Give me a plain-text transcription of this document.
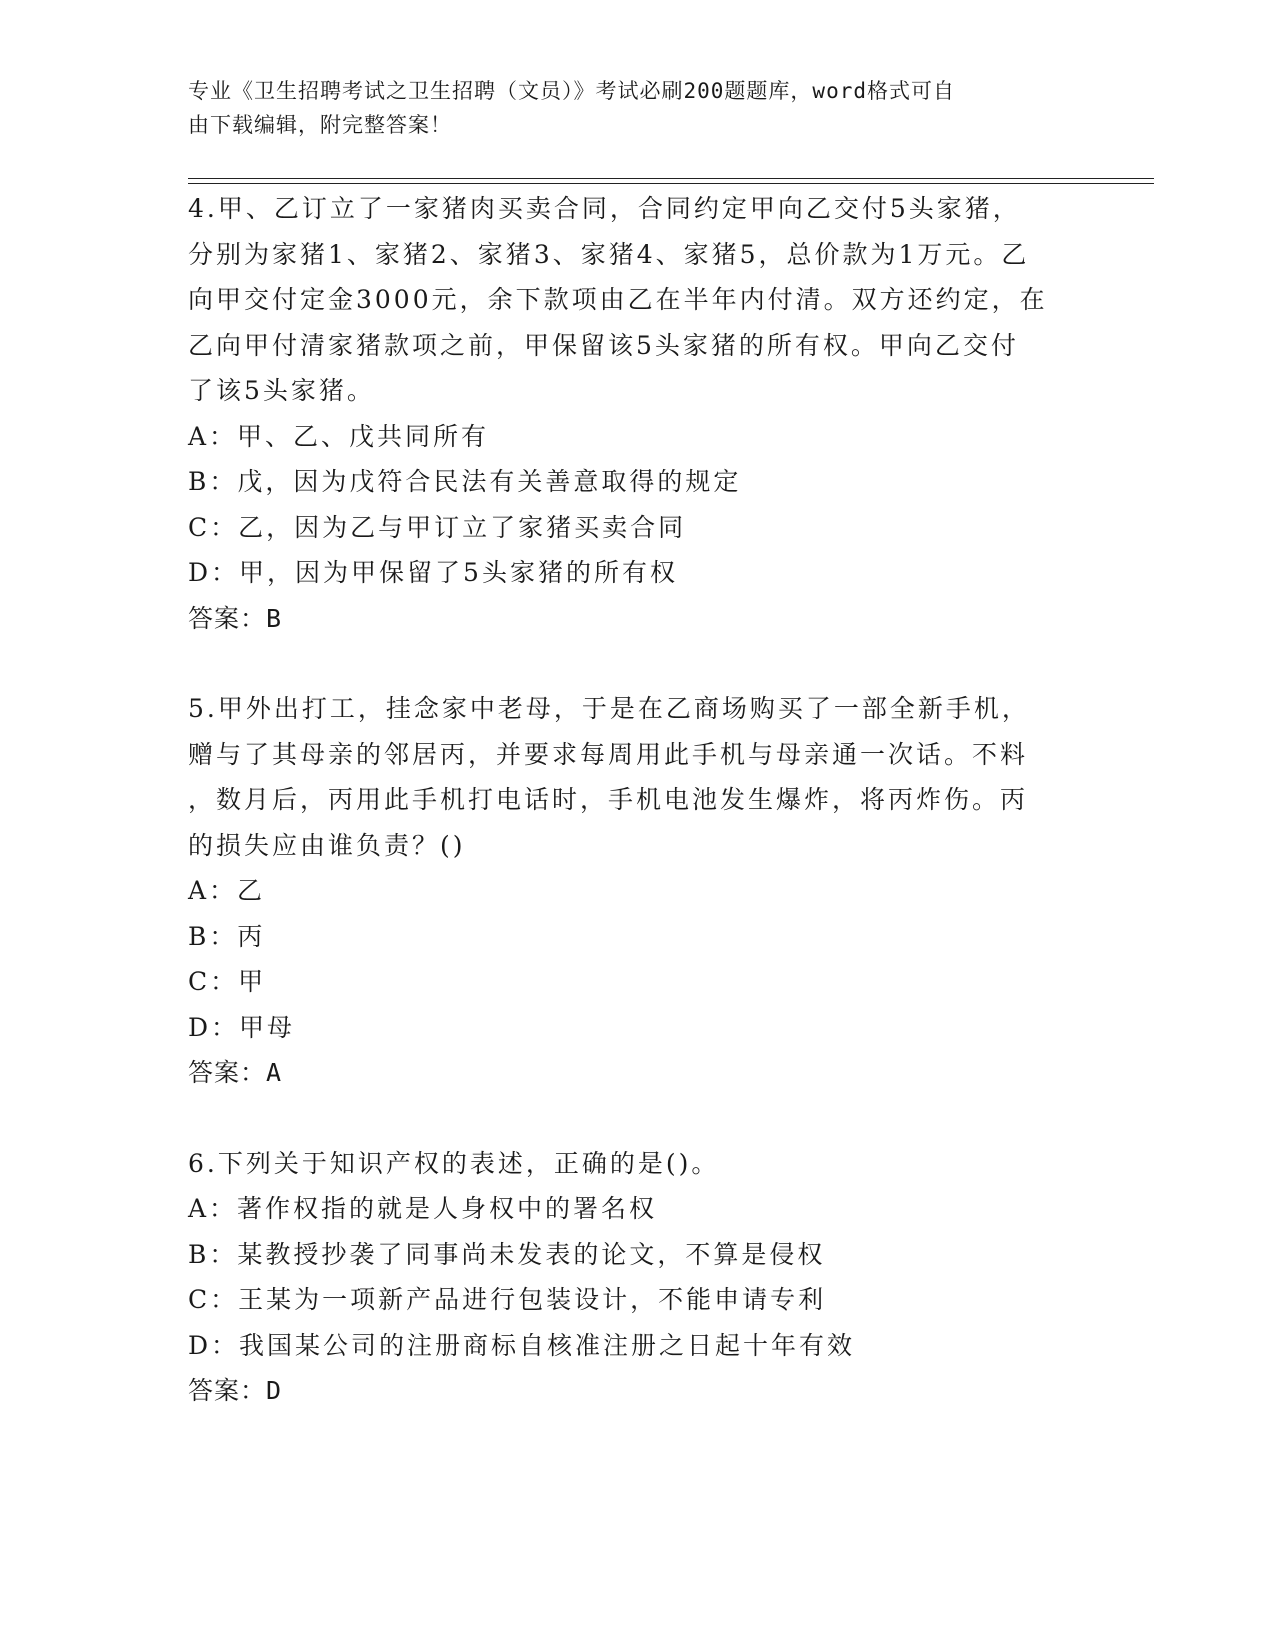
专业《卫生招聘考试之卫生招聘（文员）》考试必刷200题题库，word格式可自
由下载编辑，附完整答案！

4.甲、乙订立了一家猪肉买卖合同，合同约定甲向乙交付5头家猪，

分别为家猪1、家猪2、家猪3、家猪4、家猪5，总价款为1万元。乙

向甲交付定金3000元，余下款项由乙在半年内付清。双方还约定，在

乙向甲付清家猪款项之前，甲保留该5头家猪的所有权。甲向乙交付

了该5头家猪。

A：甲、乙、戊共同所有

B：戊，因为戊符合民法有关善意取得的规定

C：乙，因为乙与甲订立了家猪买卖合同

D：甲，因为甲保留了5头家猪的所有权

答案：B

5.甲外出打工，挂念家中老母，于是在乙商场购买了一部全新手机，

赠与了其母亲的邻居丙，并要求每周用此手机与母亲通一次话。不料

，数月后，丙用此手机打电话时，手机电池发生爆炸，将丙炸伤。丙

的损失应由谁负责？()

A：乙

B：丙

C：甲

D：甲母

答案：A

6.下列关于知识产权的表述，正确的是()。

A：著作权指的就是人身权中的署名权

B：某教授抄袭了同事尚未发表的论文，不算是侵权

C：王某为一项新产品进行包装设计，不能申请专利

D：我国某公司的注册商标自核准注册之日起十年有效

答案：D
